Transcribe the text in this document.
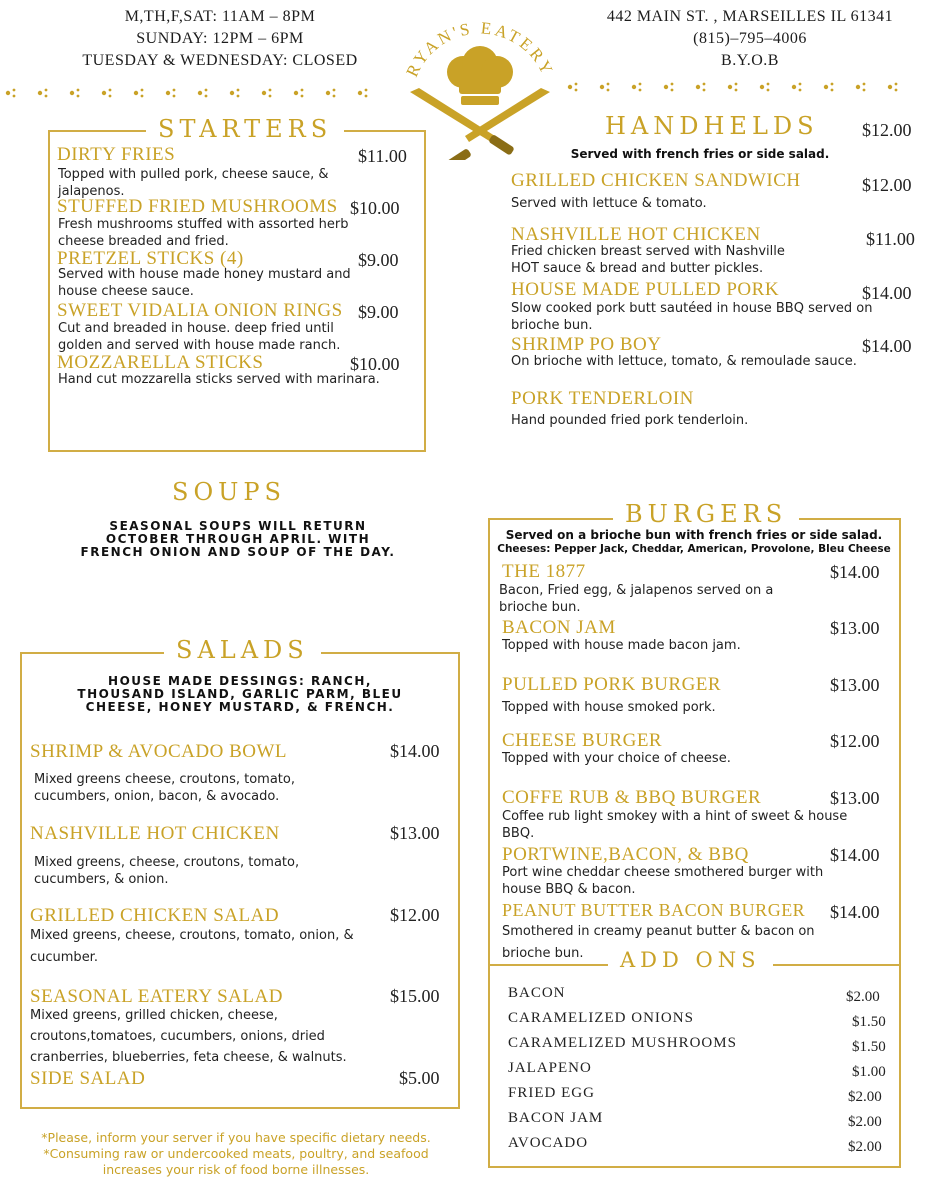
M,TH,F,SAT: 11AM – 8PM
SUNDAY: 12PM – 6PM
TUESDAY & WEDNESDAY: CLOSED
442 MAIN ST. , MARSEILLES IL 61341
(815)–795–4006
B.Y.O.B
RYAN'S EATERY
STARTERS
DIRTY FRIES	$11.00
Topped with pulled pork, cheese sauce, & jalapenos.
STUFFED FRIED MUSHROOMS $10.00
Fresh mushrooms stuffed with assorted herb cheese breaded and fried.
PRETZEL STICKS (4)	$9.00
Served with house made honey mustard and house cheese sauce.
SWEET VIDALIA ONION RINGS $9.00
Cut and breaded in house. deep fried until golden and served with house made ranch.
MOZZARELLA STICKS	$10.00
Hand cut mozzarella sticks served with marinara.
HANDHELDS	$12.00
Served with french fries or side salad.
GRILLED CHICKEN SANDWICH	$12.00
Served with lettuce & tomato.
NASHVILLE HOT CHICKEN	$11.00
Fried chicken breast served with Nashville HOT sauce & bread and butter pickles.
HOUSE MADE PULLED PORK	$14.00
Slow cooked pork butt sautéed in house BBQ served on brioche bun.
SHRIMP PO BOY	$14.00
On brioche with lettuce, tomato, & remoulade sauce.
PORK TENDERLOIN
Hand pounded fried pork tenderloin.
SOUPS
SEASONAL SOUPS WILL RETURN OCTOBER THROUGH APRIL. WITH FRENCH ONION AND SOUP OF THE DAY.
SALADS
HOUSE MADE DESSINGS: RANCH, THOUSAND ISLAND, GARLIC PARM, BLEU CHEESE, HONEY MUSTARD, & FRENCH.
SHRIMP & AVOCADO BOWL	$14.00
Mixed greens cheese, croutons, tomato, cucumbers, onion, bacon, & avocado.
NASHVILLE HOT CHICKEN	$13.00
Mixed greens, cheese, croutons, tomato, cucumbers, & onion.
GRILLED CHICKEN SALAD	$12.00
Mixed greens, cheese, croutons, tomato, onion, & cucumber.
SEASONAL EATERY SALAD	$15.00
Mixed greens, grilled chicken, cheese, croutons,tomatoes, cucumbers, onions, dried cranberries, blueberries, feta cheese, & walnuts.
SIDE SALAD	$5.00
*Please, inform your server if you have specific dietary needs.
*Consuming raw or undercooked meats, poultry, and seafood
increases your risk of food borne illnesses.
BURGERS
Served on a brioche bun with french fries or side salad.
Cheeses: Pepper Jack, Cheddar, American, Provolone, Bleu Cheese
THE 1877	$14.00
Bacon, Fried egg, & jalapenos served on a brioche bun.
BACON JAM	$13.00
Topped with house made bacon jam.
PULLED PORK BURGER	$13.00
Topped with house smoked pork.
CHEESE BURGER	$12.00
Topped with your choice of cheese.
COFFE RUB & BBQ BURGER	$13.00
Coffee rub light smokey with a hint of sweet & house BBQ.
PORTWINE,BACON, & BBQ	$14.00
Port wine cheddar cheese smothered burger with house BBQ & bacon.
PEANUT BUTTER BACON BURGER $14.00
Smothered in creamy peanut butter & bacon on brioche bun.	ADD ONS
BACON	$2.00
CARAMELIZED ONIONS	$1.50
CARAMELIZED MUSHROOMS	$1.50
JALAPENO	$1.00
FRIED EGG	$2.00
BACON JAM	$2.00
AVOCADO	$2.00
